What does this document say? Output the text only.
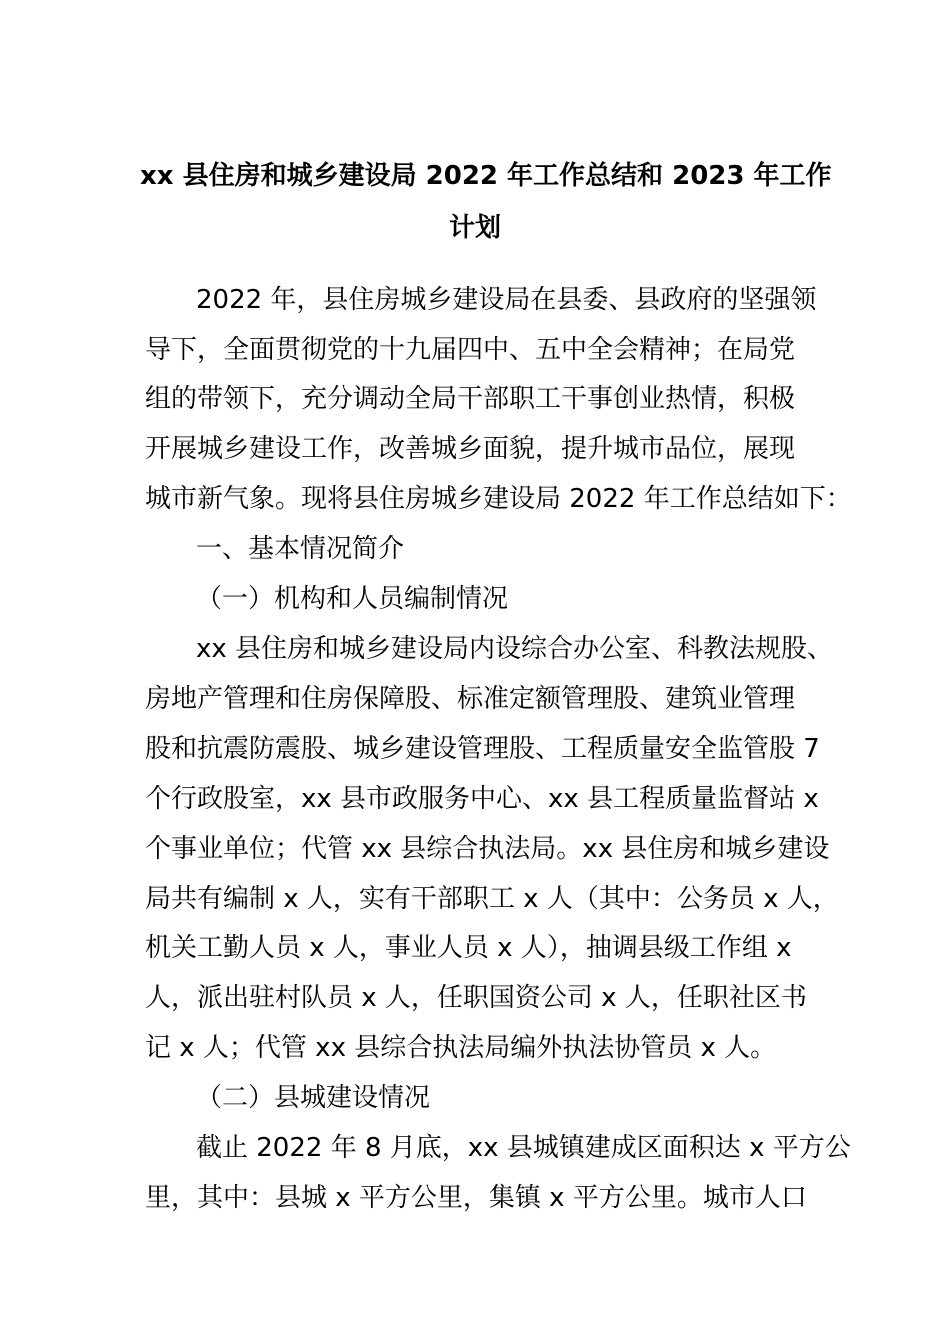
xx 县住房和城乡建设局 2022 年工作总结和 2023 年工作
计划
2022 年，县住房城乡建设局在县委、县政府的坚强领
导下，全面贯彻党的十九届四中、五中全会精神；在局党
组的带领下，充分调动全局干部职工干事创业热情，积极
开展城乡建设工作，改善城乡面貌，提升城市品位，展现
城市新气象。现将县住房城乡建设局 2022 年工作总结如下：
一、基本情况简介
（一）机构和人员编制情况
xx 县住房和城乡建设局内设综合办公室、科教法规股、
房地产管理和住房保障股、标准定额管理股、建筑业管理
股和抗震防震股、城乡建设管理股、工程质量安全监管股 7
个行政股室，xx 县市政服务中心、xx 县工程质量监督站 x
个事业单位；代管 xx 县综合执法局。xx 县住房和城乡建设
局共有编制 x 人，实有干部职工 x 人（其中：公务员 x 人，
机关工勤人员 x 人，事业人员 x 人），抽调县级工作组 x
人，派出驻村队员 x 人，任职国资公司 x 人，任职社区书
记 x 人；代管 xx 县综合执法局编外执法协管员 x 人。
（二）县城建设情况
截止 2022 年 8 月底，xx 县城镇建成区面积达 x 平方公
里，其中：县城 x 平方公里，集镇 x 平方公里。城市人口
